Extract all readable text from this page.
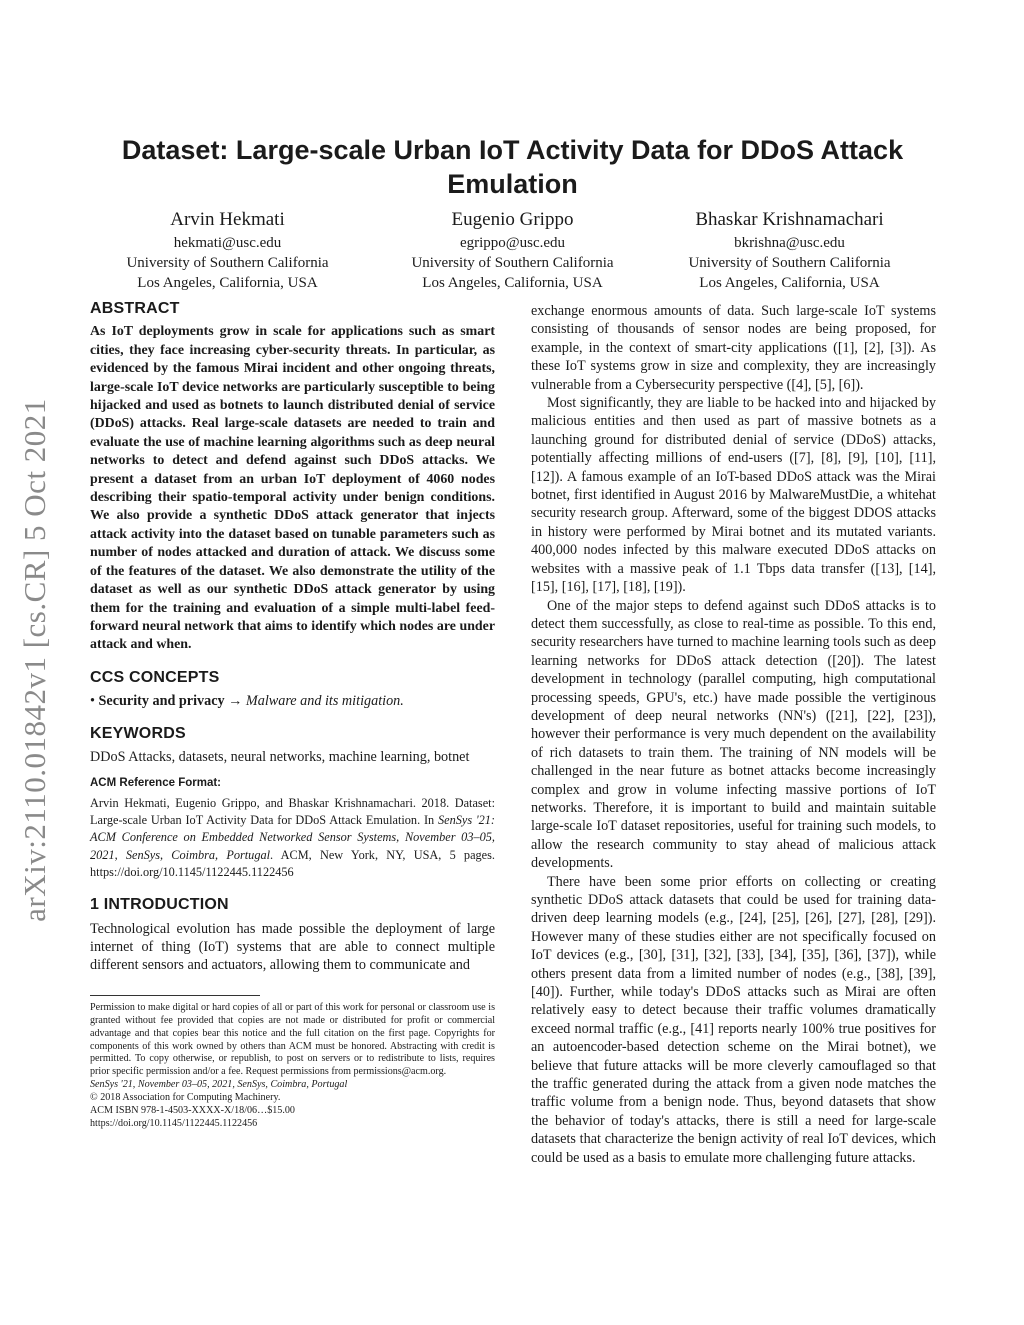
arXiv:2110.01842v1 [cs.CR] 5 Oct 2021
Dataset: Large-scale Urban IoT Activity Data for DDoS Attack Emulation
Arvin Hekmati
hekmati@usc.edu
University of Southern California
Los Angeles, California, USA
Eugenio Grippo
egrippo@usc.edu
University of Southern California
Los Angeles, California, USA
Bhaskar Krishnamachari
bkrishna@usc.edu
University of Southern California
Los Angeles, California, USA
ABSTRACT

As IoT deployments grow in scale for applications such as smart cities, they face increasing cyber-security threats. In particular, as evidenced by the famous Mirai incident and other ongoing threats, large-scale IoT device networks are particularly susceptible to being hijacked and used as botnets to launch distributed denial of service (DDoS) attacks. Real large-scale datasets are needed to train and evaluate the use of machine learning algorithms such as deep neural networks to detect and defend against such DDoS attacks. We present a dataset from an urban IoT deployment of 4060 nodes describing their spatio-temporal activity under benign conditions. We also provide a synthetic DDoS attack generator that injects attack activity into the dataset based on tunable parameters such as number of nodes attacked and duration of attack. We discuss some of the features of the dataset. We also demonstrate the utility of the dataset as well as our synthetic DDoS attack generator by using them for the training and evaluation of a simple multi-label feed-forward neural network that aims to identify which nodes are under attack and when.

CCS CONCEPTS

• Security and privacy → Malware and its mitigation.

KEYWORDS

DDoS Attacks, datasets, neural networks, machine learning, botnet

ACM Reference Format:

Arvin Hekmati, Eugenio Grippo, and Bhaskar Krishnamachari. 2018. Dataset: Large-scale Urban IoT Activity Data for DDoS Attack Emulation. In SenSys '21: ACM Conference on Embedded Networked Sensor Systems, November 03–05, 2021, SenSys, Coimbra, Portugal. ACM, New York, NY, USA, 5 pages. https://doi.org/10.1145/1122445.1122456

1 INTRODUCTION

Technological evolution has made possible the deployment of large internet of thing (IoT) systems that are able to connect multiple different sensors and actuators, allowing them to communicate and

Permission to make digital or hard copies of all or part of this work for personal or classroom use is granted without fee provided that copies are not made or distributed for profit or commercial advantage and that copies bear this notice and the full citation on the first page. Copyrights for components of this work owned by others than ACM must be honored. Abstracting with credit is permitted. To copy otherwise, or republish, to post on servers or to redistribute to lists, requires prior specific permission and/or a fee. Request permissions from permissions@acm.org.

SenSys '21, November 03–05, 2021, SenSys, Coimbra, Portugal

© 2018 Association for Computing Machinery.

ACM ISBN 978-1-4503-XXXX-X/18/06…$15.00

https://doi.org/10.1145/1122445.1122456

exchange enormous amounts of data. Such large-scale IoT systems consisting of thousands of sensor nodes are being proposed, for example, in the context of smart-city applications ([1], [2], [3]). As these IoT systems grow in size and complexity, they are increasingly vulnerable from a Cybersecurity perspective ([4], [5], [6]).

Most significantly, they are liable to be hacked into and hijacked by malicious entities and then used as part of massive botnets as a launching ground for distributed denial of service (DDoS) attacks, potentially affecting millions of end-users ([7], [8], [9], [10], [11], [12]). A famous example of an IoT-based DDoS attack was the Mirai botnet, first identified in August 2016 by MalwareMustDie, a whitehat security research group. Afterward, some of the biggest DDOS attacks in history were performed by Mirai botnet and its mutated variants. 400,000 nodes infected by this malware executed DDoS attacks on websites with a massive peak of 1.1 Tbps data transfer ([13], [14], [15], [16], [17], [18], [19]).

One of the major steps to defend against such DDoS attacks is to detect them successfully, as close to real-time as possible. To this end, security researchers have turned to machine learning tools such as deep learning networks for DDoS attack detection ([20]). The latest development in technology (parallel computing, high computational processing speeds, GPU's, etc.) have made possible the vertiginous development of deep neural networks (NN's) ([21], [22], [23]), however their performance is very much dependent on the availability of rich datasets to train them. The training of NN models will be challenged in the near future as botnet attacks become increasingly complex and grow in volume infecting massive portions of IoT networks. Therefore, it is important to build and maintain suitable large-scale IoT dataset repositories, useful for training such models, to allow the research community to stay ahead of malicious attack developments.

There have been some prior efforts on collecting or creating synthetic DDoS attack datasets that could be used for training data-driven deep learning models (e.g., [24], [25], [26], [27], [28], [29]). However many of these studies either are not specifically focused on IoT devices (e.g., [30], [31], [32], [33], [34], [35], [36], [37]), while others present data from a limited number of nodes (e.g., [38], [39], [40]). Further, while today's DDoS attacks such as Mirai are often relatively easy to detect because their traffic volumes dramatically exceed normal traffic (e.g., [41] reports nearly 100% true positives for an autoencoder-based detection scheme on the Mirai botnet), we believe that future attacks will be more cleverly camouflaged so that the traffic generated during the attack from a given node matches the traffic volume from a benign node. Thus, beyond datasets that show the behavior of today's attacks, there is still a need for large-scale datasets that characterize the benign activity of real IoT devices, which could be used as a basis to emulate more challenging future attacks.
